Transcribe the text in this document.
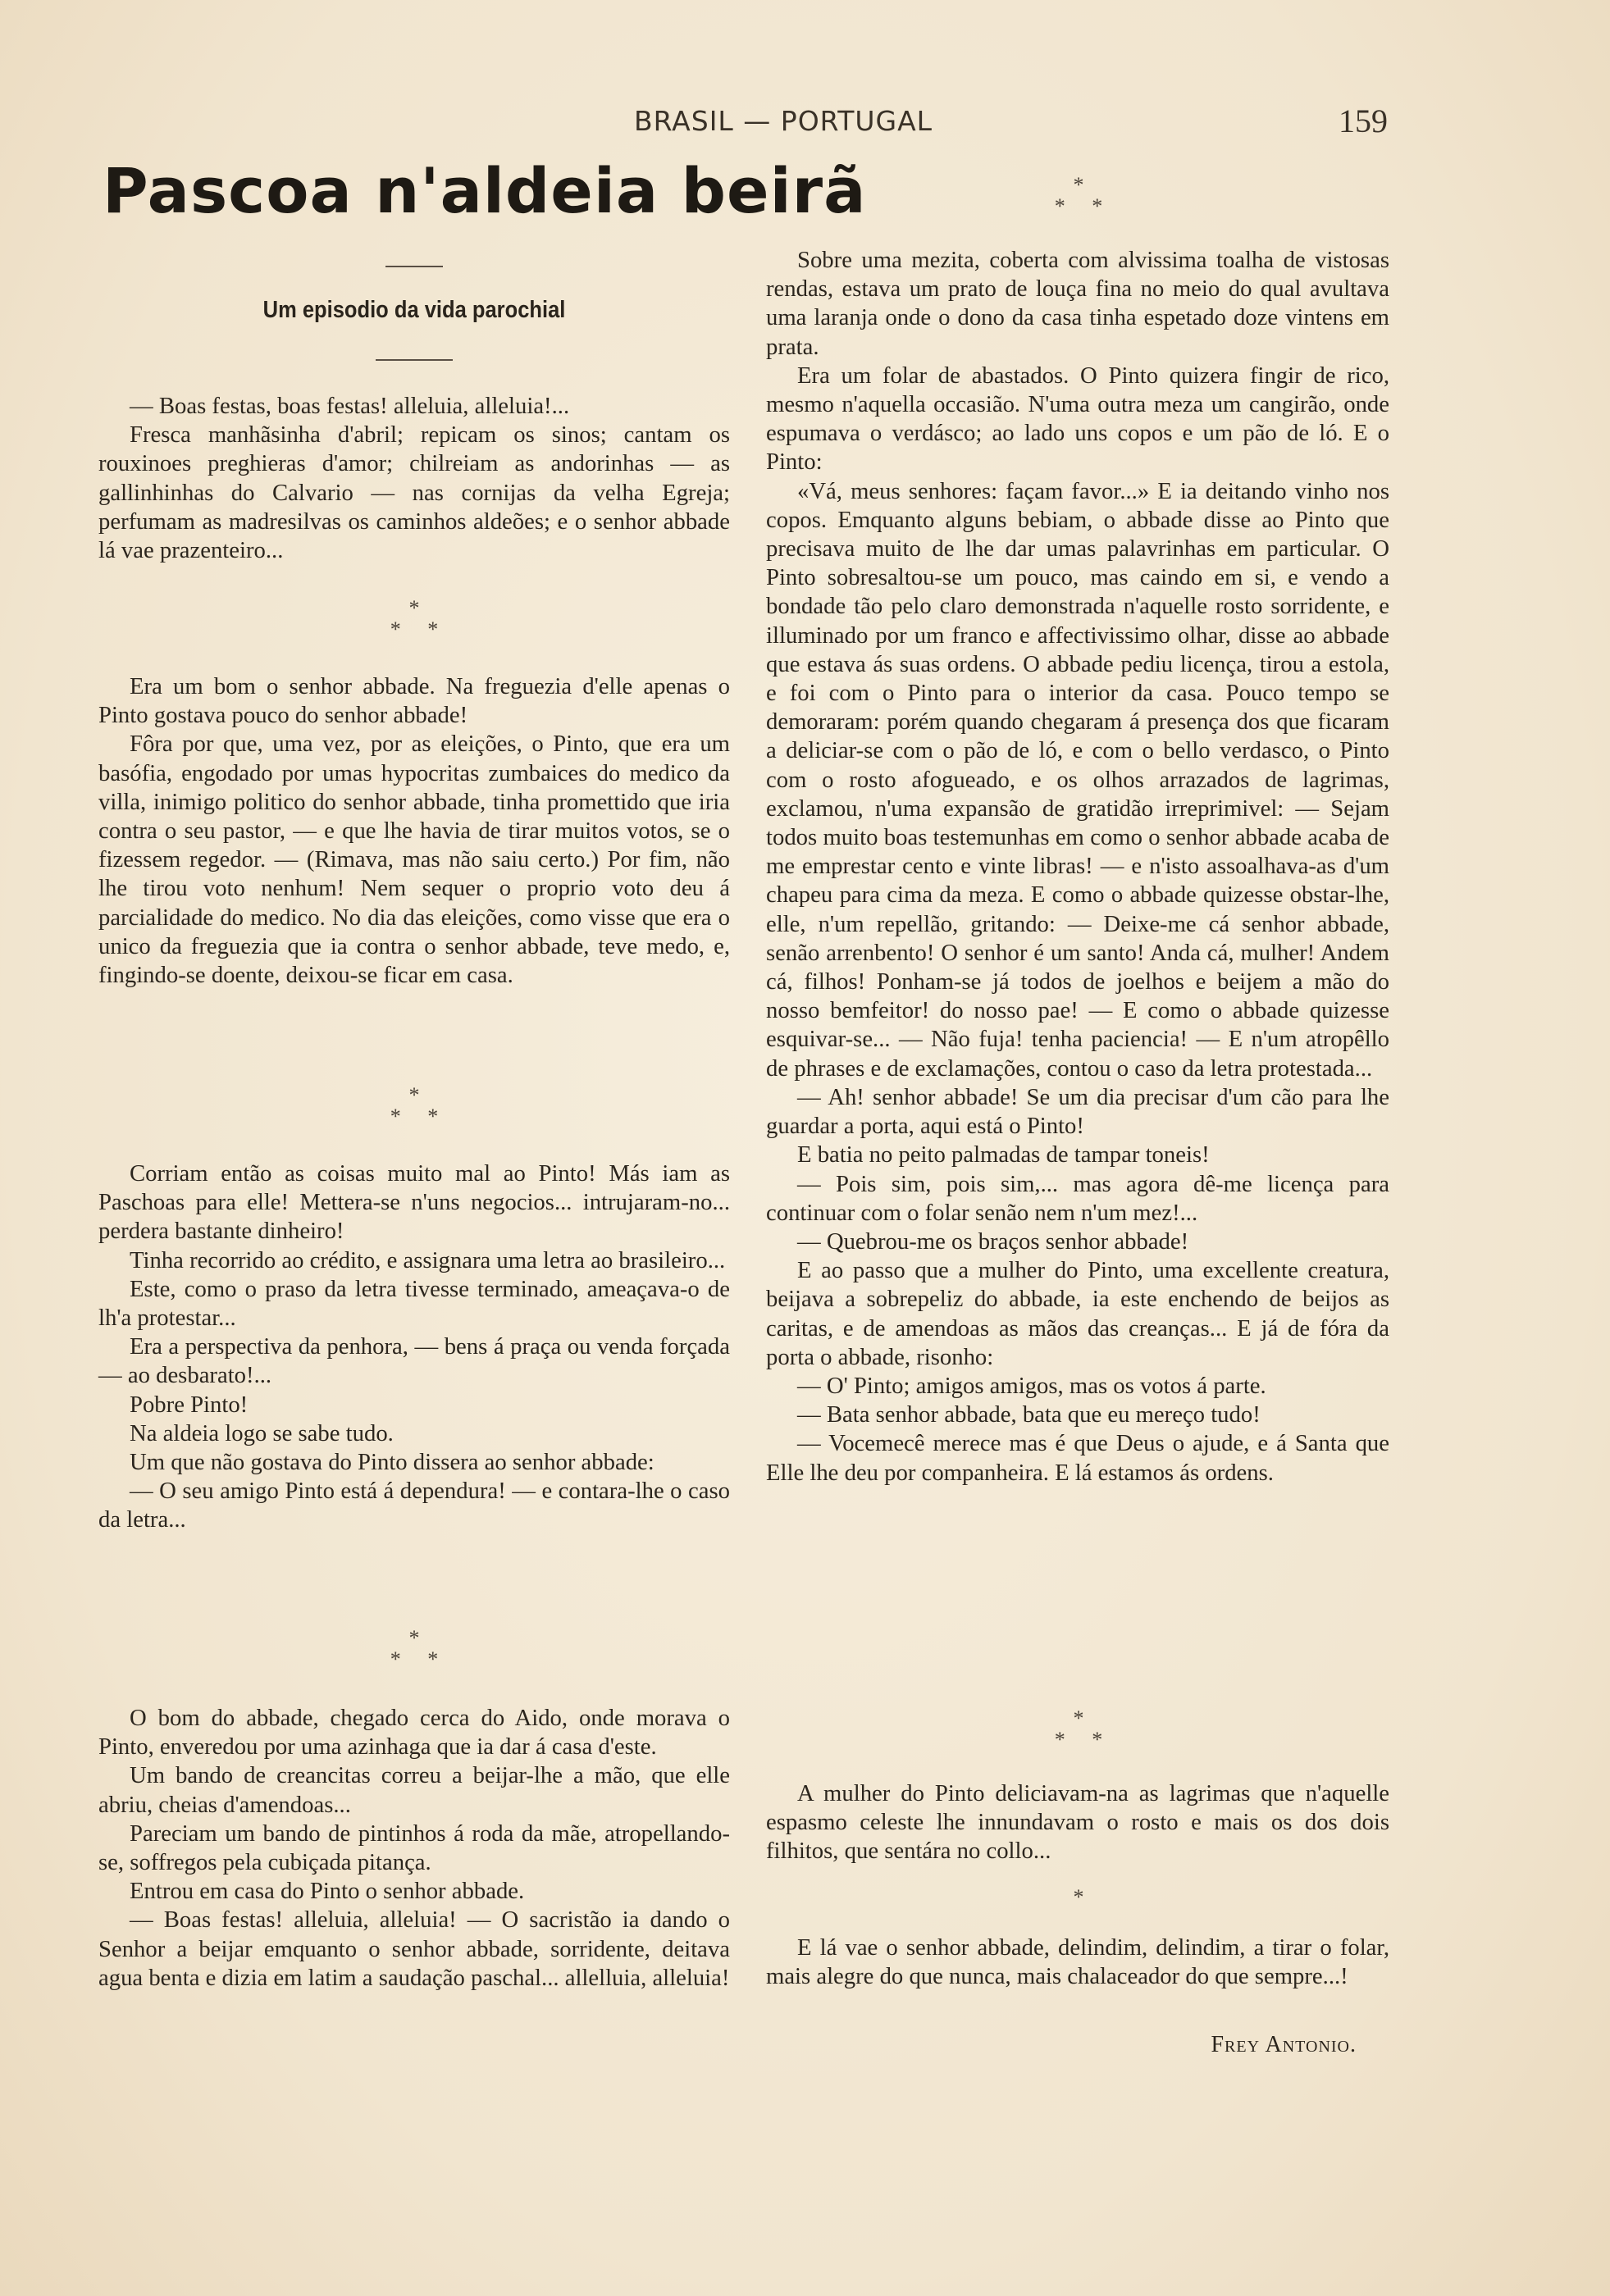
BRASIL — PORTUGAL	159
Pascoa n'aldeia beirã
Um episodio da vida parochial

— Boas festas, boas festas! alleluia, alleluia!...

Fresca manhãsinha d'abril; repicam os sinos; cantam os rouxinoes preghieras d'amor; chilreiam as andorinhas — as gallinhinhas do Calvario — nas cornijas da velha Egreja; perfumam as madresilvas os caminhos aldeões; e o senhor abbade lá vae prazenteiro...

*
* *

Era um bom o senhor abbade. Na freguezia d'elle apenas o Pinto gostava pouco do senhor abbade!

Fôra por que, uma vez, por as eleições, o Pinto, que era um basófia, engodado por umas hypocritas zumbaices do medico da villa, inimigo politico do senhor abbade, tinha promettido que iria contra o seu pastor, — e que lhe havia de tirar muitos votos, se o fizessem regedor. — (Rimava, mas não saiu certo.) Por fim, não lhe tirou voto nenhum! Nem sequer o proprio voto deu á parcialidade do medico. No dia das eleições, como visse que era o unico da freguezia que ia contra o senhor abbade, teve medo, e, fingindo-se doente, deixou-se ficar em casa.

*
* *

Corriam então as coisas muito mal ao Pinto! Más iam as Paschoas para elle! Mettera-se n'uns negocios... intrujaram-no... perdera bastante dinheiro!

Tinha recorrido ao crédito, e assignara uma letra ao brasileiro...

Este, como o praso da letra tivesse terminado, ameaçava-o de lh'a protestar...

Era a perspectiva da penhora, — bens á praça ou venda forçada — ao desbarato!...

Pobre Pinto!

Na aldeia logo se sabe tudo.

Um que não gostava do Pinto dissera ao senhor abbade:

— O seu amigo Pinto está á dependura! — e contara-lhe o caso da letra...

*
* *

O bom do abbade, chegado cerca do Aido, onde morava o Pinto, enveredou por uma azinhaga que ia dar á casa d'este.

Um bando de creancitas correu a beijar-lhe a mão, que elle abriu, cheias d'amendoas...

Pareciam um bando de pintinhos á roda da mãe, atropellando-se, soffregos pela cubiçada pitança.

Entrou em casa do Pinto o senhor abbade.

— Boas festas! alleluia, alleluia! — O sacristão ia dando o Senhor a beijar emquanto o senhor abbade, sorridente, deitava agua benta e dizia em latim a saudação paschal... allelluia, alleluia!

*
* *

Sobre uma mezita, coberta com alvissima toalha de vistosas rendas, estava um prato de louça fina no meio do qual avultava uma laranja onde o dono da casa tinha espetado doze vintens em prata.

Era um folar de abastados. O Pinto quizera fingir de rico, mesmo n'aquella occasião. N'uma outra meza um cangirão, onde espumava o verdásco; ao lado uns copos e um pão de ló. E o Pinto:

«Vá, meus senhores: façam favor...» E ia deitando vinho nos copos. Emquanto alguns bebiam, o abbade disse ao Pinto que precisava muito de lhe dar umas palavrinhas em particular. O Pinto sobresaltou-se um pouco, mas caindo em si, e vendo a bondade tão pelo claro demonstrada n'aquelle rosto sorridente, e illuminado por um franco e affectivissimo olhar, disse ao abbade que estava ás suas ordens. O abbade pediu licença, tirou a estola, e foi com o Pinto para o interior da casa. Pouco tempo se demoraram: porém quando chegaram á presença dos que ficaram a deliciar-se com o pão de ló, e com o bello verdasco, o Pinto com o rosto afogueado, e os olhos arrazados de lagrimas, exclamou, n'uma expansão de gratidão irreprimivel: — Sejam todos muito boas testemunhas em como o senhor abbade acaba de me emprestar cento e vinte libras! — e n'isto assoalhava-as d'um chapeu para cima da meza. E como o abbade quizesse obstar-lhe, elle, n'um repellão, gritando: — Deixe-me cá senhor abbade, senão arrenbento! O senhor é um santo! Anda cá, mulher! Andem cá, filhos! Ponham-se já todos de joelhos e beijem a mão do nosso bemfeitor! do nosso pae! — E como o abbade quizesse esquivar-se... — Não fuja! tenha paciencia! — E n'um atropêllo de phrases e de exclamações, contou o caso da letra protestada...

— Ah! senhor abbade! Se um dia precisar d'um cão para lhe guardar a porta, aqui está o Pinto!

E batia no peito palmadas de tampar toneis!

— Pois sim, pois sim,... mas agora dê-me licença para continuar com o folar senão nem n'um mez!...

— Quebrou-me os braços senhor abbade!

E ao passo que a mulher do Pinto, uma excellente creatura, beijava a sobrepeliz do abbade, ia este enchendo de beijos as caritas, e de amendoas as mãos das creanças... E já de fóra da porta o abbade, risonho:

— O' Pinto; amigos amigos, mas os votos á parte.

— Bata senhor abbade, bata que eu mereço tudo!

— Vocemecê merece mas é que Deus o ajude, e á Santa que Elle lhe deu por companheira. E lá estamos ás ordens.

*
* *

A mulher do Pinto deliciavam-na as lagrimas que n'aquelle espasmo celeste lhe innundavam o rosto e mais os dos dois filhitos, que sentára no collo...

*

E lá vae o senhor abbade, delindim, delindim, a tirar o folar, mais alegre do que nunca, mais chalaceador do que sempre...!

Frey Antonio.
